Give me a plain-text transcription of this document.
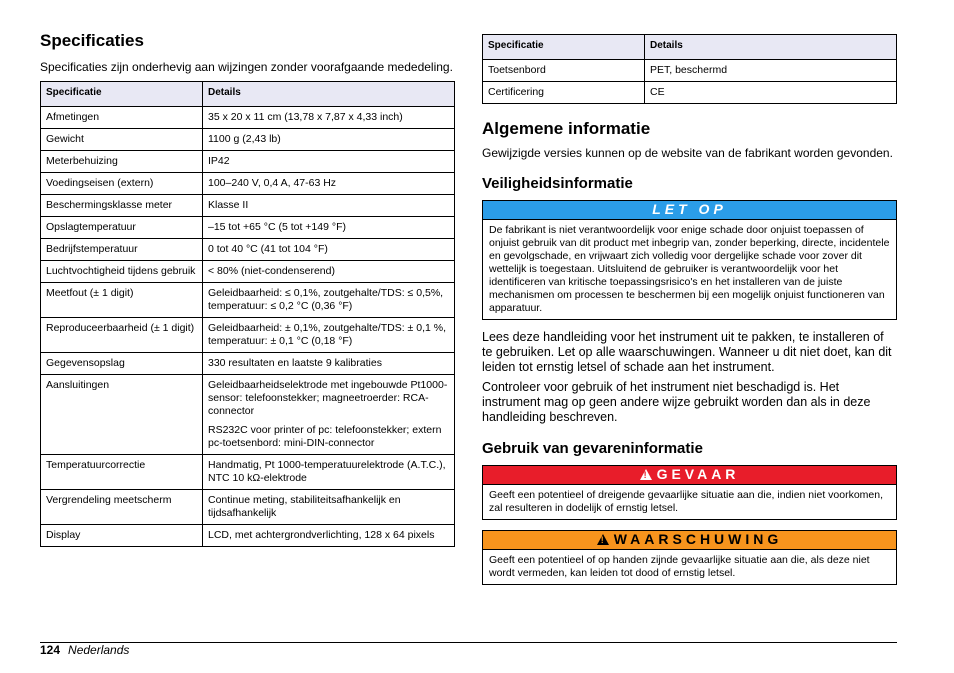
Specificaties

Specificaties zijn onderhevig aan wijzingen zonder voorafgaande mededeling.

Specificatie	Details
Afmetingen	35 x 20 x 11 cm (13,78 x 7,87 x 4,33 inch)

Gewicht	1100 g (2,43 lb)

Meterbehuizing	IP42

Voedingseisen (extern)	100–240 V, 0,4 A, 47-63 Hz

Beschermingsklasse meter	Klasse II

Opslagtemperatuur	–15 tot +65 °C (5 tot +149 °F)

Bedrijfstemperatuur	0 tot 40 °C (41 tot 104 °F)

Luchtvochtigheid tijdens gebruik	< 80% (niet-condenserend)

Meetfout (± 1 digit)	Geleidbaarheid: ≤ 0,1%, zoutgehalte/TDS: ≤ 0,5%, temperatuur: ≤ 0,2 °C (0,36 °F)

Reproduceerbaarheid (± 1 digit)	Geleidbaarheid: ± 0,1%, zoutgehalte/TDS: ± 0,1 %, temperatuur: ± 0,1 °C (0,18 °F)

Gegevensopslag	330 resultaten en laatste 9 kalibraties

Aansluitingen	Geleidbaarheidselektrode met ingebouwde Pt1000-sensor: telefoonstekker; magneetroerder: RCA-connector
RS232C voor printer of pc: telefoonstekker; extern pc-toetsenbord: mini-DIN-connector

Temperatuurcorrectie	Handmatig, Pt 1000-temperatuurelektrode (A.T.C.), NTC 10 kΩ-elektrode

Vergrendeling meetscherm	Continue meting, stabiliteitsafhankelijk en tijdsafhankelijk

Display	LCD, met achtergrondverlichting, 128 x 64 pixels
Specificatie	Details
Toetsenbord	PET, beschermd

Certificering	CE
Algemene informatie

Gewijzigde versies kunnen op de website van de fabrikant worden gevonden.

Veiligheidsinformatie
LET OP
De fabrikant is niet verantwoordelijk voor enige schade door onjuist toepassen of onjuist gebruik van dit product met inbegrip van, zonder beperking, directe, incidentele en gevolgschade, en vrijwaart zich volledig voor dergelijke schade voor zover dit wettelijk is toegestaan. Uitsluitend de gebruiker is verantwoordelijk voor het identificeren van kritische toepassingsrisico's en het installeren van de juiste mechanismen om processen te beschermen bij een mogelijk onjuist functioneren van apparatuur.

Lees deze handleiding voor het instrument uit te pakken, te installeren of te gebruiken. Let op alle waarschuwingen. Wanneer u dit niet doet, kan dit leiden tot ernstig letsel of schade aan het instrument.

Controleer voor gebruik of het instrument niet beschadigd is. Het instrument mag op geen andere wijze gebruikt worden dan als in deze handleiding beschreven.

Gebruik van gevareninformatie
!GEVAAR
Geeft een potentieel of dreigende gevaarlijke situatie aan die, indien niet voorkomen, zal resulteren in dodelijk of ernstig letsel.
!WAARSCHUWING
Geeft een potentieel of op handen zijnde gevaarlijke situatie aan die, als deze niet wordt vermeden, kan leiden tot dood of ernstig letsel.
124 Nederlands
